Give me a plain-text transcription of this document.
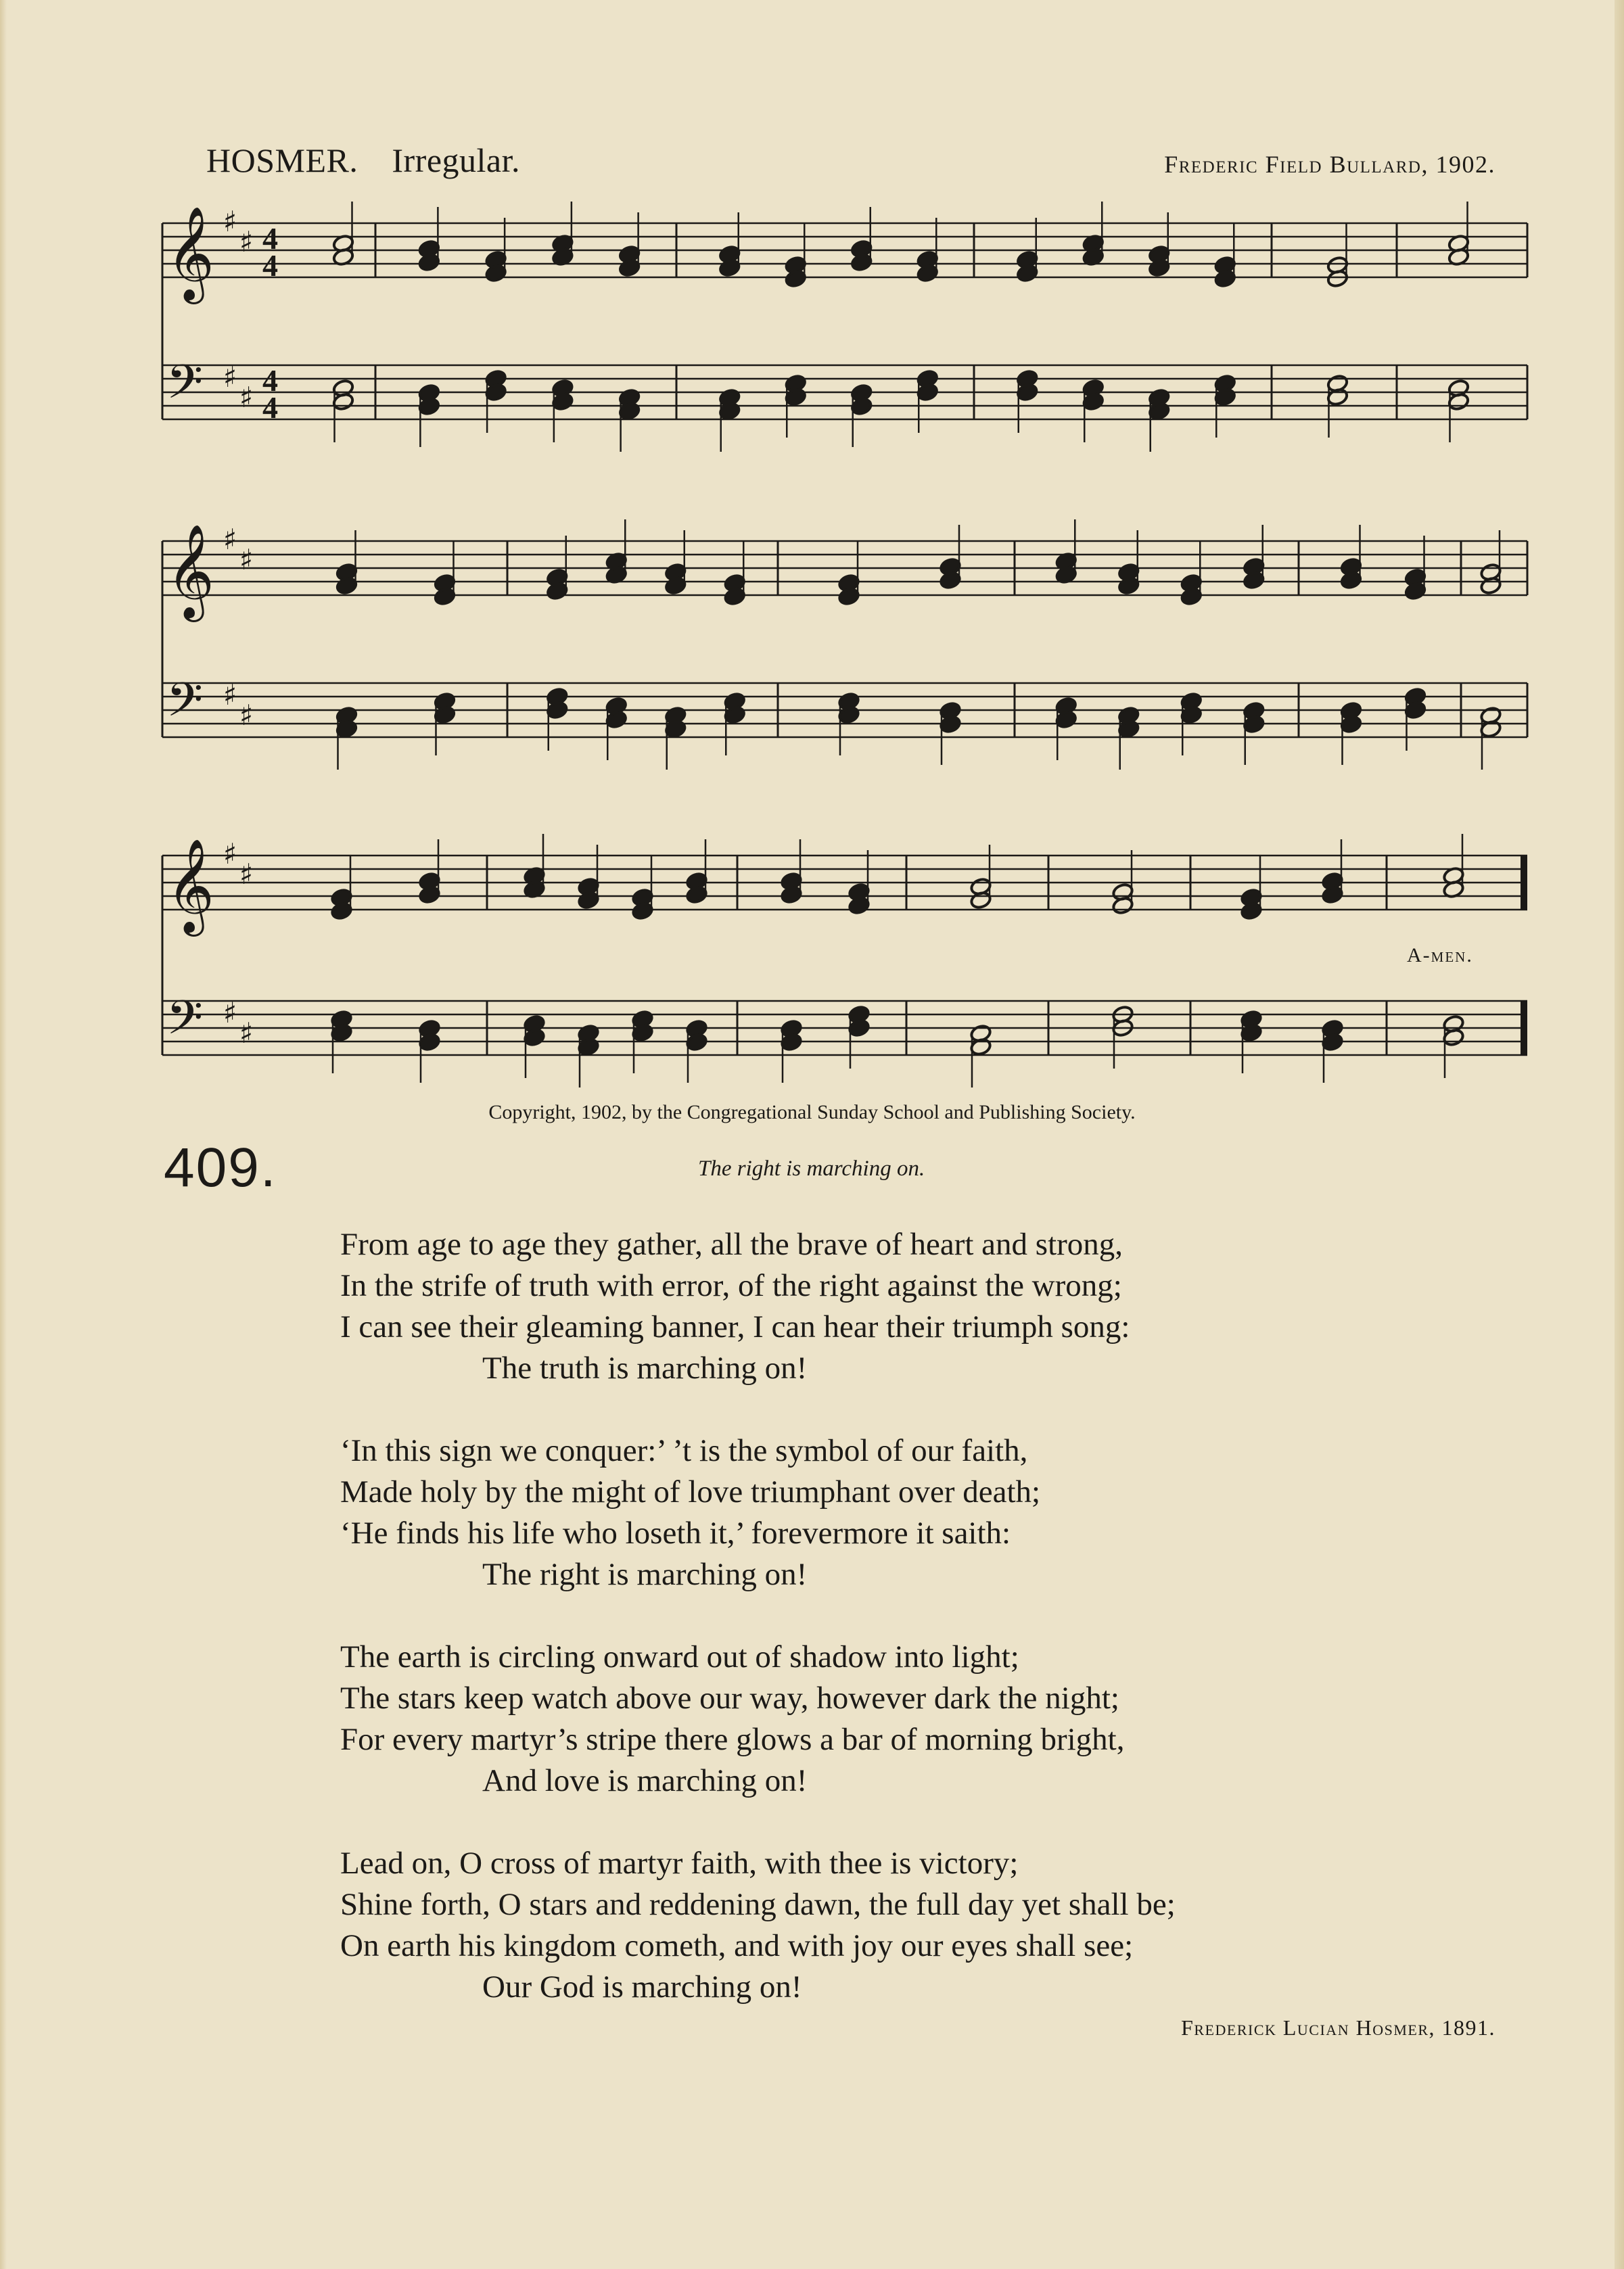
HOSMER. Irregular.	Frederic Field Bullard, 1902.
𝄞 ♯
♯
𝄢 ♯
♯
4
4
4
4
𝄞 ♯
♯
𝄢 ♯
♯
𝄞 ♯
♯
𝄢 ♯
♯
A-men.
Copyright, 1902, by the Congregational Sunday School and Publishing Society.
409.	The right is marching on.
From age to age they gather, all the brave of heart and strong,
In the strife of truth with error, of the right against the wrong;
I can see their gleaming banner, I can hear their triumph song:
The truth is marching on!
‘In this sign we conquer:’ ’t is the symbol of our faith,
Made holy by the might of love triumphant over death;
‘He finds his life who loseth it,’ forevermore it saith:
The right is marching on!
The earth is circling onward out of shadow into light;
The stars keep watch above our way, however dark the night;
For every martyr’s stripe there glows a bar of morning bright,
And love is marching on!
Lead on, O cross of martyr faith, with thee is victory;
Shine forth, O stars and reddening dawn, the full day yet shall be;
On earth his kingdom cometh, and with joy our eyes shall see;
Our God is marching on!
Frederick Lucian Hosmer, 1891.
